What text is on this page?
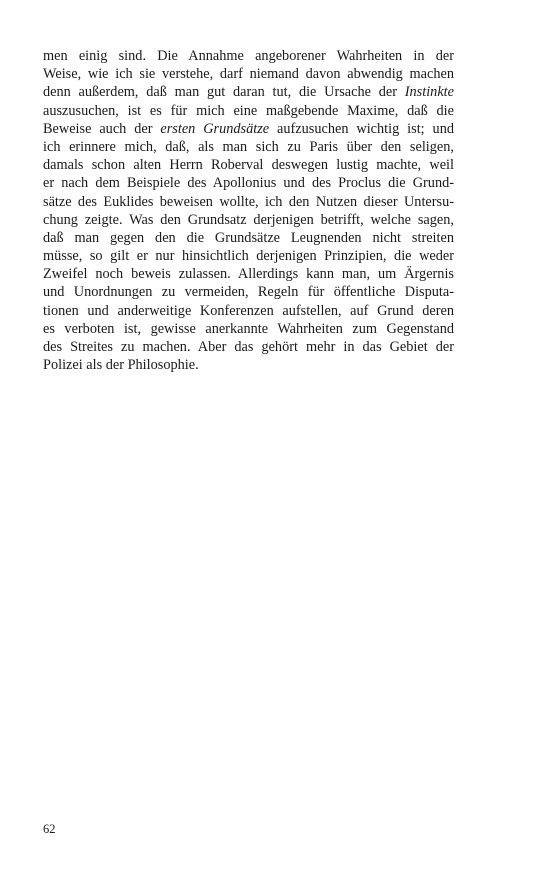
men einig sind. Die Annahme angeborener Wahrheiten in der
Weise, wie ich sie verstehe, darf niemand davon abwendig machen
denn außerdem, daß man gut daran tut, die Ursache der Instinkte
auszusuchen, ist es für mich eine maßgebende Maxime, daß die
Beweise auch der ersten Grundsätze aufzusuchen wichtig ist; und
ich erinnere mich, daß, als man sich zu Paris über den seligen,
damals schon alten Herrn Roberval deswegen lustig machte, weil
er nach dem Beispiele des Apollonius und des Proclus die Grund-
sätze des Euklides beweisen wollte, ich den Nutzen dieser Untersu-
chung zeigte. Was den Grundsatz derjenigen betrifft, welche sagen,
daß man gegen den die Grundsätze Leugnenden nicht streiten
müsse, so gilt er nur hinsichtlich derjenigen Prinzipien, die weder
Zweifel noch beweis zulassen. Allerdings kann man, um Ärgernis
und Unordnungen zu vermeiden, Regeln für öffentliche Disputa-
tionen und anderweitige Konferenzen aufstellen, auf Grund deren
es verboten ist, gewisse anerkannte Wahrheiten zum Gegenstand
des Streites zu machen. Aber das gehört mehr in das Gebiet der
Polizei als der Philosophie.

62
